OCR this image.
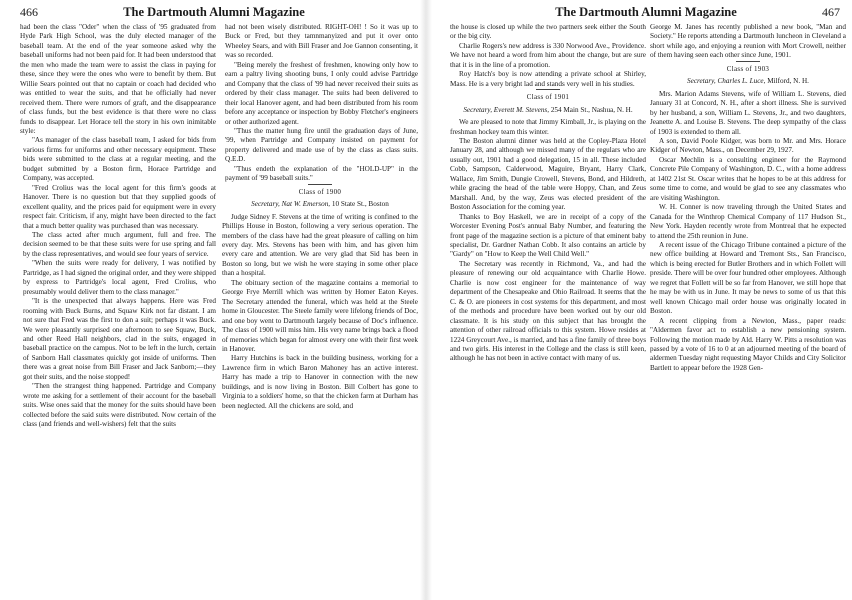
466	The Dartmouth Alumni Magazine

had been the class "Oder" when the class of '95 graduated from Hyde Park High School, was the duly elected manager of the baseball team. At the end of the year someone asked why the baseball uniforms had not been paid for. It had been understood that the men who made the team were to assist the class in paying for these, since they were the ones who were to benefit by them. But Willie Sears pointed out that no captain or coach had decided who was entitled to wear the suits, and that he officially had never received them. There were rumors of graft, and the disappearance of class funds, but the best evidence is that there were no class funds to disappear. Let Horace tell the story in his own inimitable style:

"As manager of the class baseball team, I asked for bids from various firms for uniforms and other necessary equipment. These bids were submitted to the class at a regular meeting, and the budget submitted by a Boston firm, Horace Partridge and Company, was accepted.

"Fred Crolius was the local agent for this firm's goods at Hanover. There is no question but that they supplied goods of excellent quality, and the prices paid for equipment were in every respect fair. Criticism, if any, might have been directed to the fact that a much better quality was purchased than was necessary.

The class acted after much argument, full and free. The decision seemed to be that these suits were for use spring and fall by the class representatives, and would see four years of service.

"When the suits were ready for delivery, I was notified by Partridge, as I had signed the original order, and they were shipped by express to Partridge's local agent, Fred Crolius, who presumably would deliver them to the class manager."

"It is the unexpected that always happens. Here was Fred rooming with Buck Burns, and Squaw Kirk not far distant. I am not sure that Fred was the first to don a suit; perhaps it was Buck. We were pleasantly surprised one afternoon to see Squaw, Buck, and other Reed Hall neighbors, clad in the suits, engaged in baseball practice on the campus. Not to be left in the lurch, certain of Sanborn Hall classmates quickly got inside of uniforms. Then there was a great noise from Bill Fraser and Jack Sanborn;—they got their suits, and the noise stopped!

"Then the strangest thing happened. Partridge and Company wrote me asking for a settlement of their account for the baseball suits. Wise ones said that the money for the suits should have been collected before the said suits were distributed. Now certain of the class (and friends and well-wishers) felt that the suits

had not been wisely distributed. RIGHT-OH! ! So it was up to Buck or Fred, but they tamnmanyized and put it over onto Wheeley Sears, and with Bill Fraser and Joe Gannon consenting, it was so recorded.

"Being merely the freshest of freshmen, knowing only how to earn a paltry living shooting buns, I only could advise Partridge and Company that the class of '99 had never received their suits as ordered by their class manager. The suits had been delivered to their local Hanover agent, and had been distributed from his room before any acceptance or inspection by Bobby Fletcher's engineers or other authorized agent.

"Thus the matter hung fire until the graduation days of June, '99, when Partridge and Company insisted on payment for property delivered and made use of by the class as class suits. Q.E.D.

"Thus endeth the explanation of the "HOLD-UP" in the payment of '99 baseball suits."

Class of 1900

Secretary, Nat W. Emerson, 10 State St., Boston

Judge Sidney F. Stevens at the time of writing is confined to the Phillips House in Boston, following a very serious operation. The members of the class have had the great pleasure of calling on him every day. Mrs. Stevens has been with him, and has given him every care and attention. We are very glad that Sid has been in Boston so long, but we wish he were staying in some other place than a hospital.

The obituary section of the magazine contains a memorial to George Frye Merrill which was written by Homer Eaton Keyes. The Secretary attended the funeral, which was held at the Steele home in Gloucester. The Steele family were lifelong friends of Doc, and one boy went to Dartmouth largely because of Doc's influence. The class of 1900 will miss him. His very name brings back a flood of memories which began for almost every one with their first week in Hanover.

Harry Hutchins is back in the building business, working for a Lawrence firm in which Baron Mahoney has an active interest. Harry has made a trip to Hanover in connection with the new buildings, and is now living in Boston. Bill Colbert has gone to Virginia to a soldiers' home, so that the chicken farm at Durham has been neglected. All the chickens are sold, and

The Dartmouth Alumni Magazine	467

the house is closed up while the two partners seek either the South or the big city.

Charlie Rogers's new address is 330 Norwood Ave., Providence. We have not heard a word from him about the change, but are sure that it is in the line of a promotion.

Roy Hatch's boy is now attending a private school at Shirley, Mass. He is a very bright lad and stands very well in his studies.

Class of 1901

Secretary, Everett M. Stevens, 254 Main St., Nashua, N. H.

We are pleased to note that Jimmy Kimball, Jr., is playing on the freshman hockey team this winter.

The Boston alumni dinner was held at the Copley-Plaza Hotel January 28, and although we missed many of the regulars who are usually out, 1901 had a good delegation, 15 in all. These included Cobb, Sampson, Calderwood, Maguire, Bryant, Harry Clark, Wallace, Jim Smith, Dungie Crowell, Stevens, Bond, and Hildreth, while gracing the head of the table were Hoppy, Chan, and Zeus Marshall. And, by the way, Zeus was elected president of the Boston Association for the coming year.

Thanks to Boy Haskell, we are in receipt of a copy of the Worcester Evening Post's annual Baby Number, and featuring the front page of the magazine section is a picture of that eminent baby specialist, Dr. Gardner Nathan Cobb. It also contains an article by "Gardy" on "How to Keep the Well Child Well."

The Secretary was recently in Richmond, Va., and had the pleasure of renewing our old acquaintance with Charlie Howe. Charlie is now cost engineer for the maintenance of way department of the Chesapeake and Ohio Railroad. It seems that the C. & O. are pioneers in cost systems for this department, and most of the methods and procedure have been worked out by our old classmate. It is his study on this subject that has brought the attention of other railroad officials to this system. Howe resides at 1224 Greycourt Ave., is married, and has a fine family of three boys and two girls. His interest in the College and the class is still keen, although he has not been in active contact with many of us.

George M. Janes has recently published a new book, "Man and Society." He reports attending a Dartmouth luncheon in Cleveland a short while ago, and enjoying a reunion with Mort Crowell, neither of them having seen each other since June, 1901.

Class of 1903

Secretary, Charles L. Luce, Milford, N. H.

Mrs. Marion Adams Stevens, wife of William L. Stevens, died January 31 at Concord, N. H., after a short illness. She is survived by her husband, a son, William L. Stevens, Jr., and two daughters, Jeanette A. and Louise B. Stevens. The deep sympathy of the class of 1903 is extended to them all.

A son, David Poole Kidger, was born to Mr. and Mrs. Horace Kidger of Newton, Mass., on December 29, 1927.

Oscar Mechlin is a consulting engineer for the Raymond Concrete Pile Company of Washington, D. C., with a home address at 1402 21st St. Oscar writes that he hopes to be at this address for some time to come, and would be glad to see any classmates who are visiting Washington.

W. H. Conner is now traveling through the United States and Canada for the Winthrop Chemical Company of 117 Hudson St., New York. Hayden recently wrote from Montreal that he expected to attend the 25th reunion in June.

A recent issue of the Chicago Tribune contained a picture of the new office building at Howard and Tremont Sts., San Francisco, which is being erected for Butler Brothers and in which Follett will preside. There will be over four hundred other employees. Although we regret that Follett will be so far from Hanover, we still hope that he may be with us in June. It may be news to some of us that this well known Chicago mail order house was originally located in Boston.

A recent clipping from a Newton, Mass., paper reads: "Aldermen favor act to establish a new pensioning system. Following the motion made by Ald. Harry W. Pitts a resolution was passed by a vote of 16 to 0 at an adjourned meeting of the board of aldermen Tuesday night requesting Mayor Childs and City Solicitor Bartlett to appear before the 1928 Gen-
